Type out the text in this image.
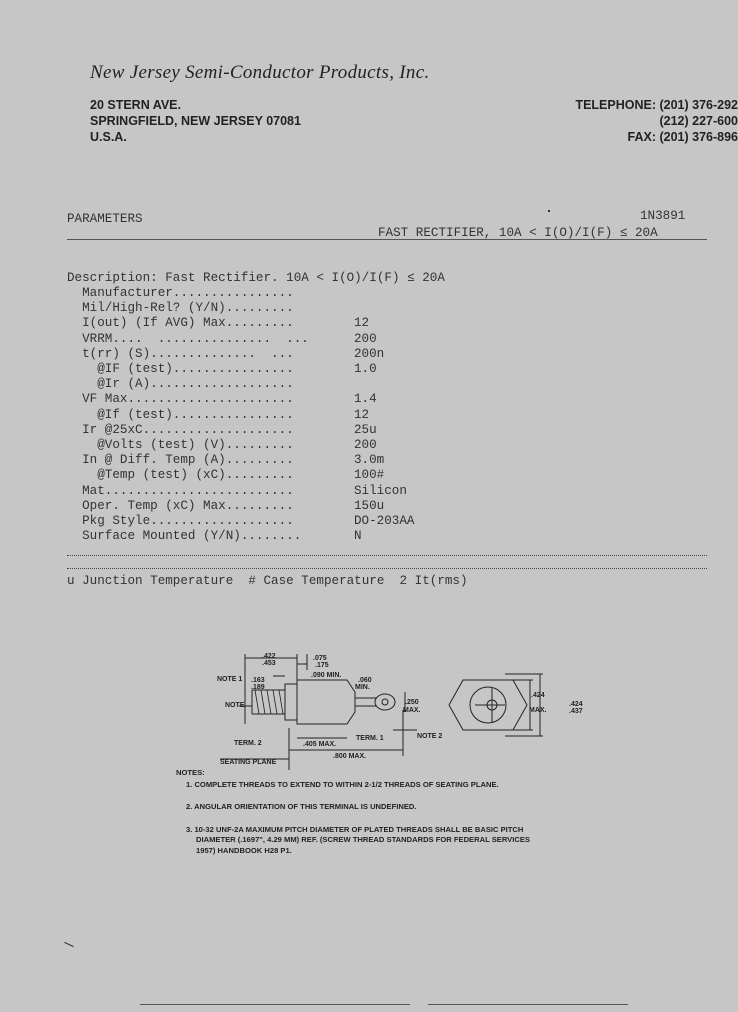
New Jersey Semi-Conductor Products, Inc.
20 STERN AVE.
SPRINGFIELD, NEW JERSEY 07081
U.S.A.
TELEPHONE: (201) 376-292
(212) 227-600
FAX: (201) 376-896
PARAMETERS	1N3891
FAST RECTIFIER, 10A < I(O)/I(F) ≤ 20A
Description: Fast Rectifier. 10A < I(O)/I(F) ≤ 20A
Manufacturer................
Mil/High-Rel? (Y/N).........
I(out) (If AVG) Max.........	12
VRRM....  ...............  ...	200
t(rr) (S)..............  ...	200n
@IF (test)................	1.0
@Ir (A)...................
VF Max......................	1.4
@If (test)................	12
Ir @25xC....................	25u
@Volts (test) (V).........	200
In @ Diff. Temp (A).........	3.0m
@Temp (test) (xC).........	100#
Mat.........................	Silicon
Oper. Temp (xC) Max.........	150u
Pkg Style...................	DO-203AA
Surface Mounted (Y/N)........	N
u Junction Temperature  # Case Temperature  2 It(rms)
.422
.453
.163
.189
.075
.175
.090 MIN.
.060
MIN.
.250
MAX.
.405 MAX.
.800 MAX.
.424
MAX.
.424
.437
NOTE 1
NOTE
TERM. 2
TERM. 1	NOTE 2
SEATING PLANE
NOTES:
1. COMPLETE THREADS TO EXTEND TO WITHIN 2-1/2 THREADS OF SEATING PLANE.
2. ANGULAR ORIENTATION OF THIS TERMINAL IS UNDEFINED.
3. 10-32 UNF-2A MAXIMUM PITCH DIAMETER OF PLATED THREADS SHALL BE BASIC PITCH
DIAMETER (.1697", 4.29 MM) REF. (SCREW THREAD STANDARDS FOR FEDERAL SERVICES
1957) HANDBOOK H28 P1.
